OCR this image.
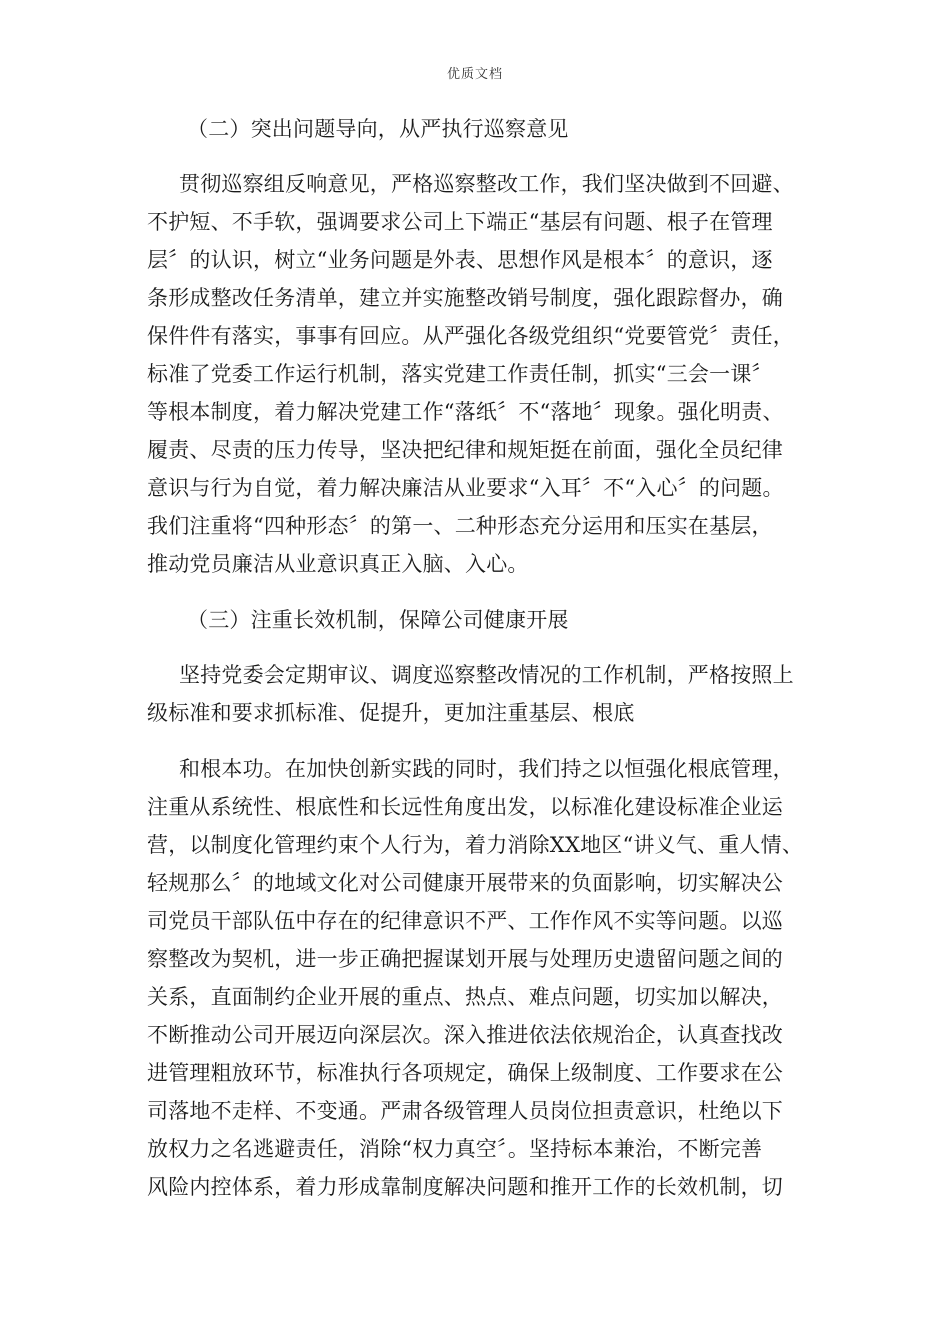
优质文档
（二）突出问题导向，从严执行巡察意见
贯彻巡察组反响意见，严格巡察整改工作，我们坚决做到不回避、
不护短、不手软，强调要求公司上下端正“基层有问题、根子在管理
层〞的认识，树立“业务问题是外表、思想作风是根本〞的意识，逐
条形成整改任务清单，建立并实施整改销号制度，强化跟踪督办，确
保件件有落实，事事有回应。从严强化各级党组织“党要管党〞责任，
标准了党委工作运行机制，落实党建工作责任制，抓实“三会一课〞
等根本制度，着力解决党建工作“落纸〞不“落地〞现象。强化明责、
履责、尽责的压力传导，坚决把纪律和规矩挺在前面，强化全员纪律
意识与行为自觉，着力解决廉洁从业要求“入耳〞不“入心〞的问题。
我们注重将“四种形态〞的第一、二种形态充分运用和压实在基层，
推动党员廉洁从业意识真正入脑、入心。
（三）注重长效机制，保障公司健康开展
坚持党委会定期审议、调度巡察整改情况的工作机制，严格按照上
级标准和要求抓标准、促提升，更加注重基层、根底
和根本功。在加快创新实践的同时，我们持之以恒强化根底管理，
注重从系统性、根底性和长远性角度出发，以标准化建设标准企业运
营，以制度化管理约束个人行为，着力消除XX地区“讲义气、重人情、
轻规那么〞的地域文化对公司健康开展带来的负面影响，切实解决公
司党员干部队伍中存在的纪律意识不严、工作作风不实等问题。以巡
察整改为契机，进一步正确把握谋划开展与处理历史遗留问题之间的
关系，直面制约企业开展的重点、热点、难点问题，切实加以解决，
不断推动公司开展迈向深层次。深入推进依法依规治企，认真查找改
进管理粗放环节，标准执行各项规定，确保上级制度、工作要求在公
司落地不走样、不变通。严肃各级管理人员岗位担责意识，杜绝以下
放权力之名逃避责任，消除“权力真空〞。坚持标本兼治，不断完善
风险内控体系，着力形成靠制度解决问题和推开工作的长效机制，切
